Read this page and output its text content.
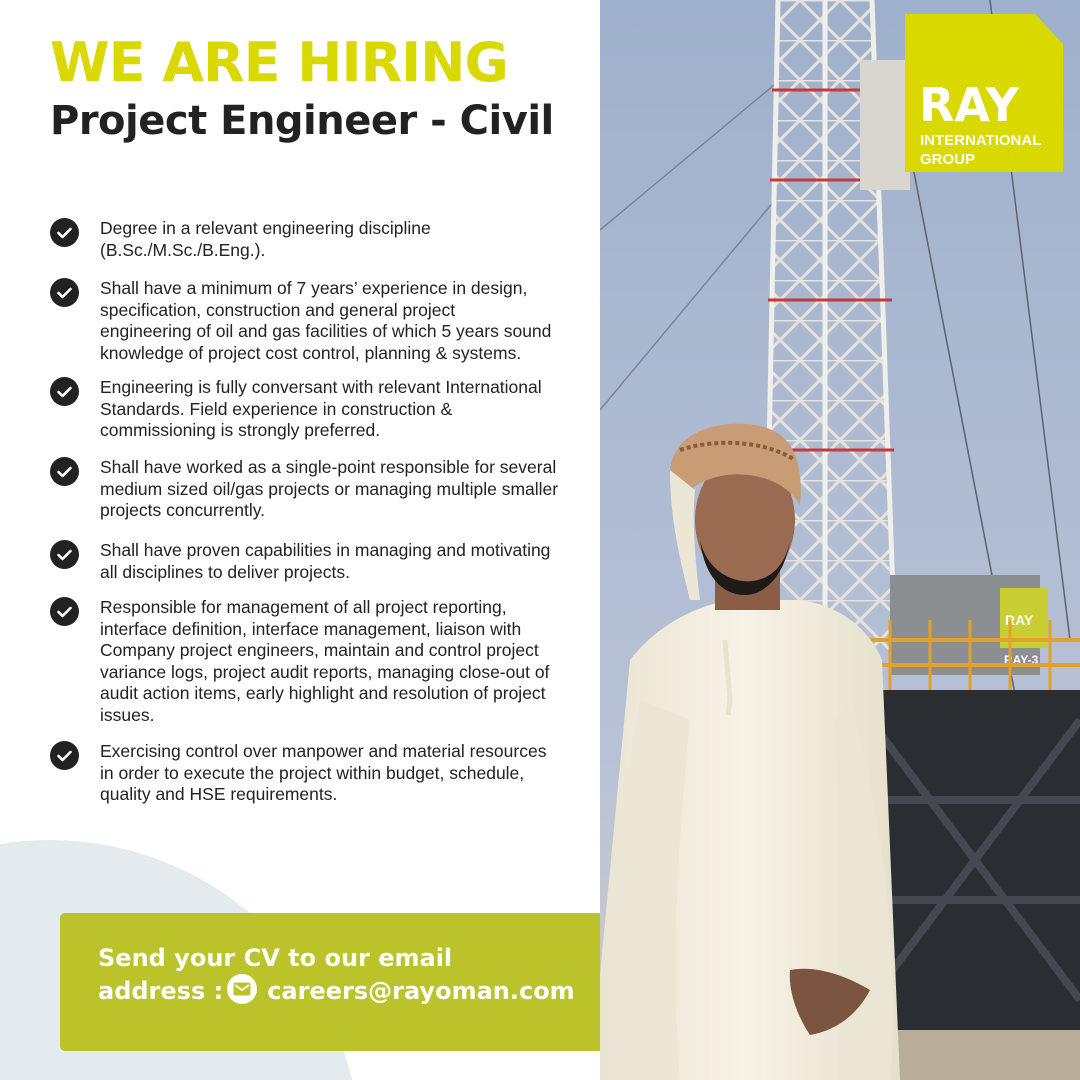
WE ARE HIRING
Project Engineer - Civil
Degree in a relevant engineering discipline
(B.Sc./M.Sc./B.Eng.).
Shall have a minimum of 7 years’ experience in design,
specification, construction and general project
engineering of oil and gas facilities of which 5 years sound
knowledge of project cost control, planning & systems.
Engineering is fully conversant with relevant International
Standards. Field experience in construction &
commissioning is strongly preferred.
Shall have worked as a single-point responsible for several
medium sized oil/gas projects or managing multiple smaller
projects concurrently.
Shall have proven capabilities in managing and motivating
all disciplines to deliver projects.
Responsible for management of all project reporting,
interface definition, interface management, liaison with
Company project engineers, maintain and control project
variance logs, project audit reports, managing close-out of
audit action items, early highlight and resolution of project
issues.
Exercising control over manpower and material resources
in order to execute the project within budget, schedule,
quality and HSE requirements.
Send your CV to our email
address : careers@rayoman.com
RAY
RAY-3
RAY
INTERNATIONAL
GROUP
